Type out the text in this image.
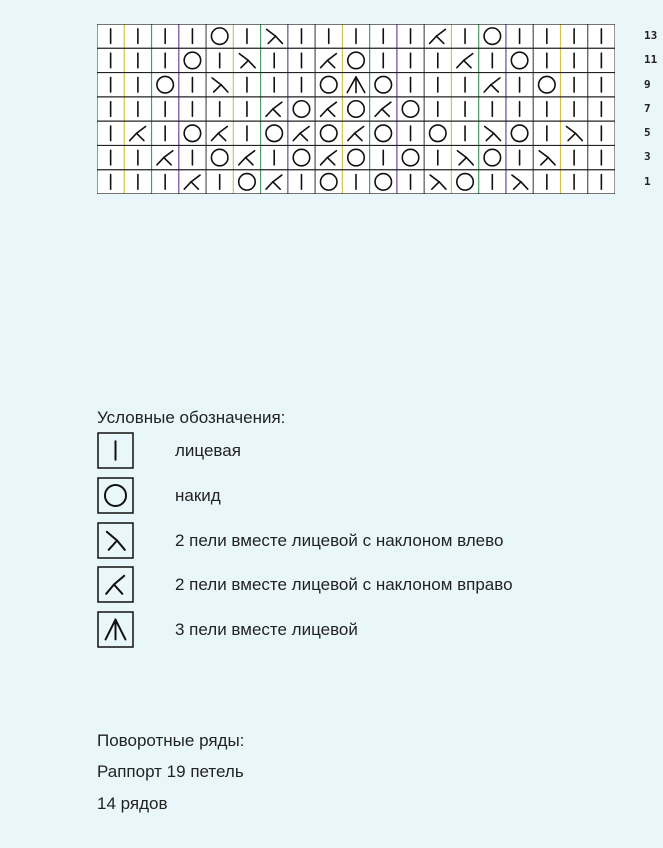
13
11
9
7
5
3
1
Условные обозначения:
лицевая
накид
2 пели вместе лицевой с наклоном влево
2 пели вместе лицевой с наклоном вправо
3 пели вместе лицевой
Поворотные ряды:
Раппорт 19 петель
14 рядов
